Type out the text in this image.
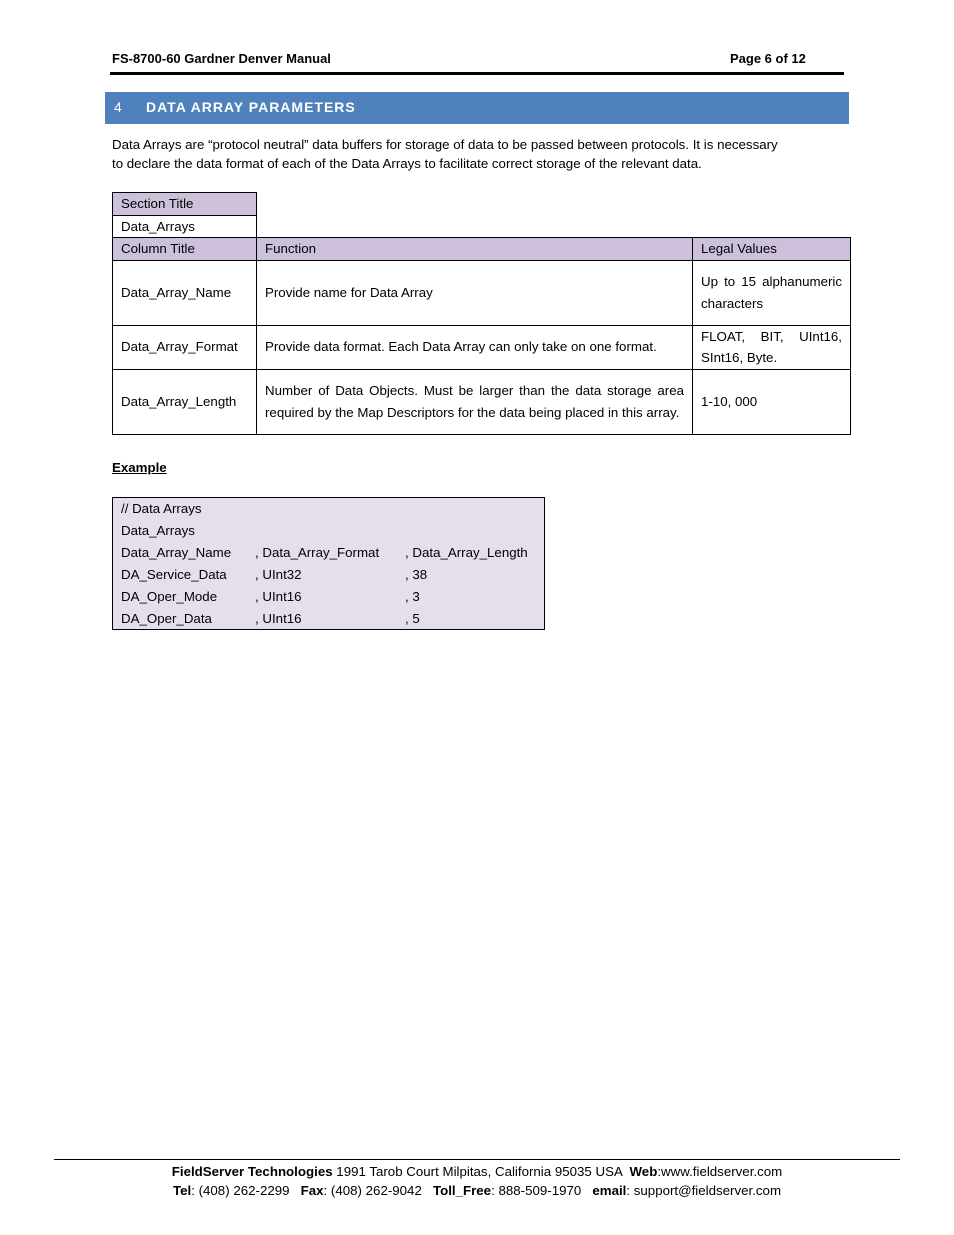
FS-8700-60 Gardner Denver Manual	Page 6 of 12
4 DATA ARRAY PARAMETERS

Data Arrays are “protocol neutral” data buffers for storage of data to be passed between protocols. It is necessary

to declare the data format of each of the Data Arrays to facilitate correct storage of the relevant data.

Section Title
Data_Arrays
Column Title	Function	Legal Values
Data_Array_Name	Provide name for Data Array	Up to 15 alphanumeric characters
Data_Array_Format	Provide data format. Each Data Array can only take on one format.	FLOAT, BIT, UInt16, SInt16, Byte.
Data_Array_Length	Number of Data Objects. Must be larger than the data storage area required by the Map Descriptors for the data being placed in this array.	1-10, 000
Example
// Data Arrays
Data_Arrays
Data_Array_Name , Data_Array_Format , Data_Array_Length
DA_Service_Data , UInt32	, 38
DA_Oper_Mode	, UInt16	, 3
DA_Oper_Data	, UInt16	, 5
FieldServer Technologies 1991 Tarob Court Milpitas, California 95035 USA  Web:www.fieldserver.com
Tel: (408) 262-2299   Fax: (408) 262-9042   Toll_Free: 888-509-1970   email: support@fieldserver.com
